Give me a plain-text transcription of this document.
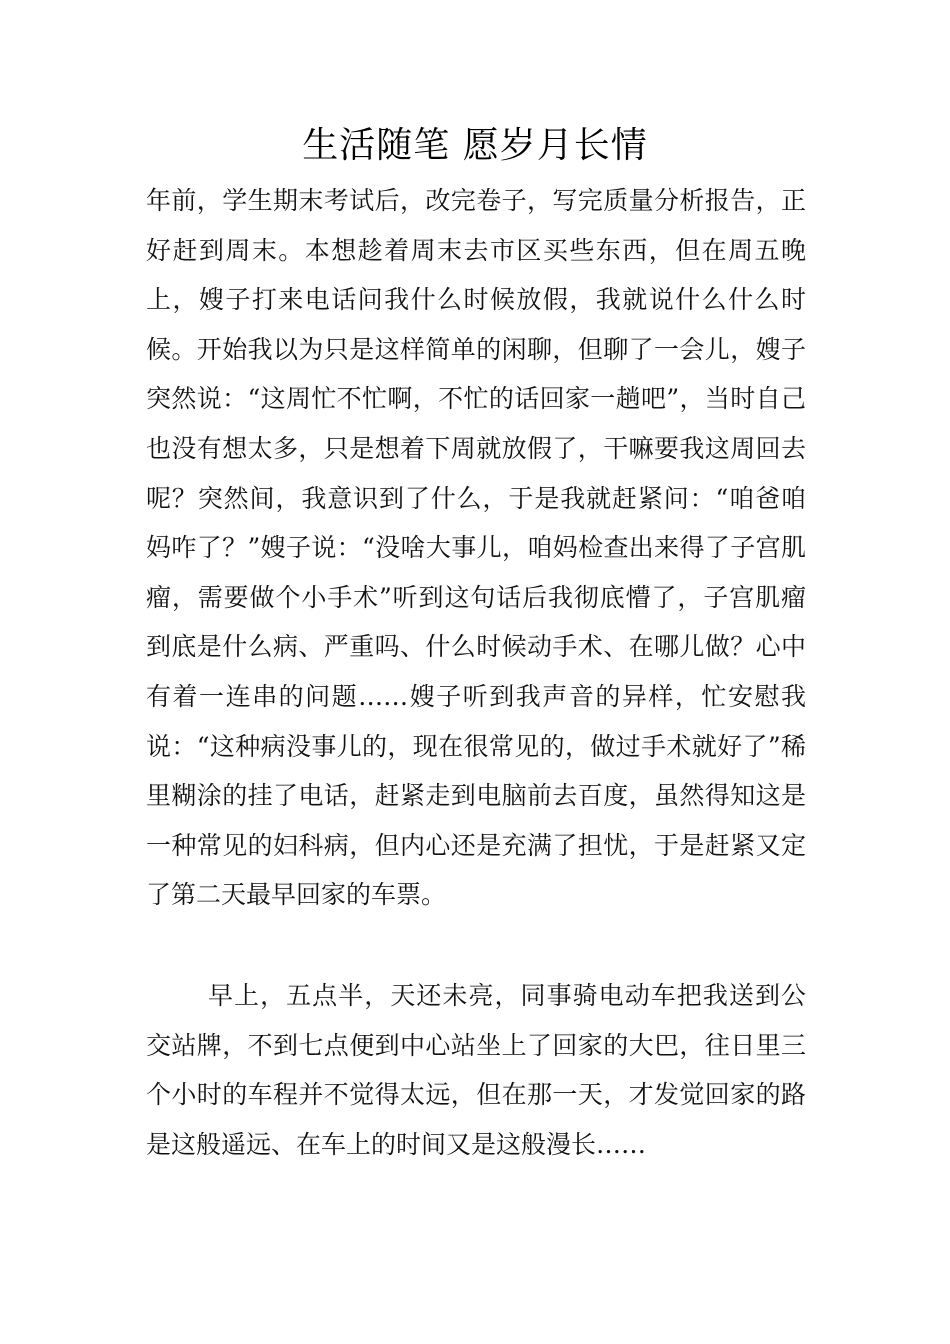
生活随笔 愿岁月长情

年前，学生期末考试后，改完卷子，写完质量分析报告，正好赶到周末。本想趁着周末去市区买些东西，但在周五晚上，嫂子打来电话问我什么时候放假，我就说什么什么时候。开始我以为只是这样简单的闲聊，但聊了一会儿，嫂子突然说：“这周忙不忙啊，不忙的话回家一趟吧”，当时自己也没有想太多，只是想着下周就放假了，干嘛要我这周回去呢？突然间，我意识到了什么，于是我就赶紧问：“咱爸咱妈咋了？”嫂子说：“没啥大事儿，咱妈检查出来得了子宫肌瘤，需要做个小手术”听到这句话后我彻底懵了，子宫肌瘤到底是什么病、严重吗、什么时候动手术、在哪儿做？心中有着一连串的问题……嫂子听到我声音的异样，忙安慰我说：“这种病没事儿的，现在很常见的，做过手术就好了”稀里糊涂的挂了电话，赶紧走到电脑前去百度，虽然得知这是一种常见的妇科病，但内心还是充满了担忧，于是赶紧又定了第二天最早回家的车票。

早上，五点半，天还未亮，同事骑电动车把我送到公交站牌，不到七点便到中心站坐上了回家的大巴，往日里三个小时的车程并不觉得太远，但在那一天，才发觉回家的路是这般遥远、在车上的时间又是这般漫长……
